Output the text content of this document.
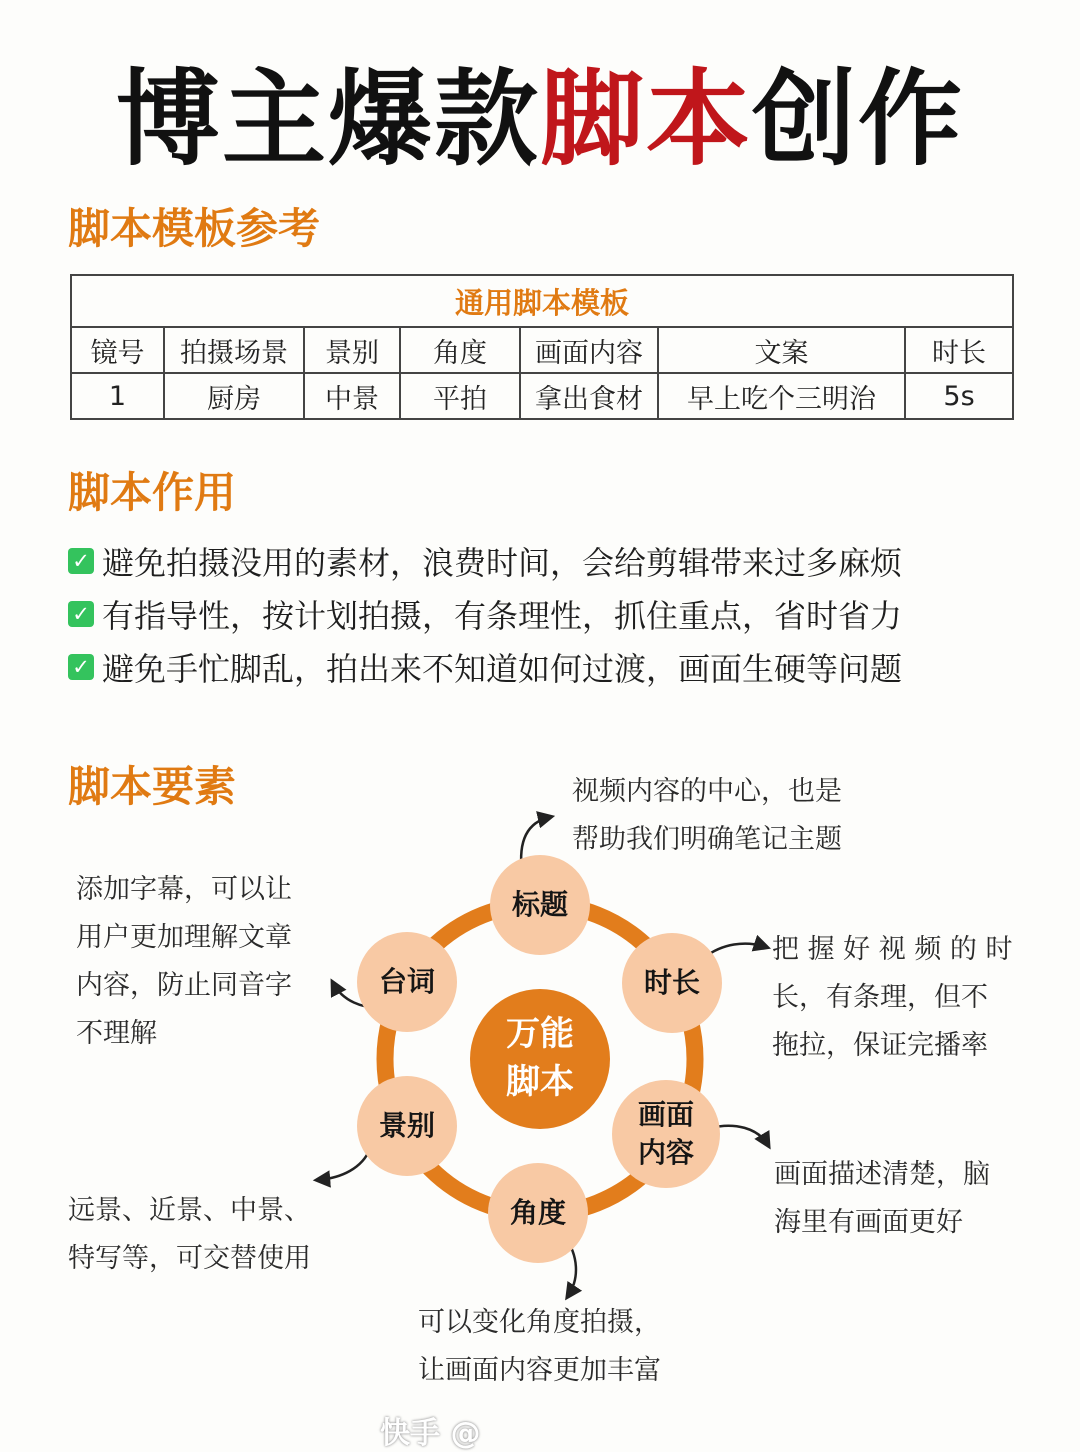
博主爆款脚本创作
脚本模板参考
通用脚本模板						
镜号	拍摄场景	景别	角度	画面内容	文案	时长
1	厨房	中景	平拍	拿出食材	早上吃个三明治	5s
脚本作用
✓ 避免拍摄没用的素材，浪费时间，会给剪辑带来过多麻烦
✓ 有指导性，按计划拍摄，有条理性，抓住重点，省时省力
✓ 避免手忙脚乱，拍出来不知道如何过渡，画面生硬等问题
脚本要素
万能
脚本
标题
时长
画面
内容
角度
景别
台词
视频内容的中心，也是
帮助我们明确笔记主题
把 握 好 视 频 的 时
长，有条理，但不
拖拉，保证完播率
画面描述清楚，脑
海里有画面更好
可以变化角度拍摄，
让画面内容更加丰富
远景、近景、中景、
特写等，可交替使用
添加字幕，可以让
用户更加理解文章
内容，防止同音字
不理解
快手 @
